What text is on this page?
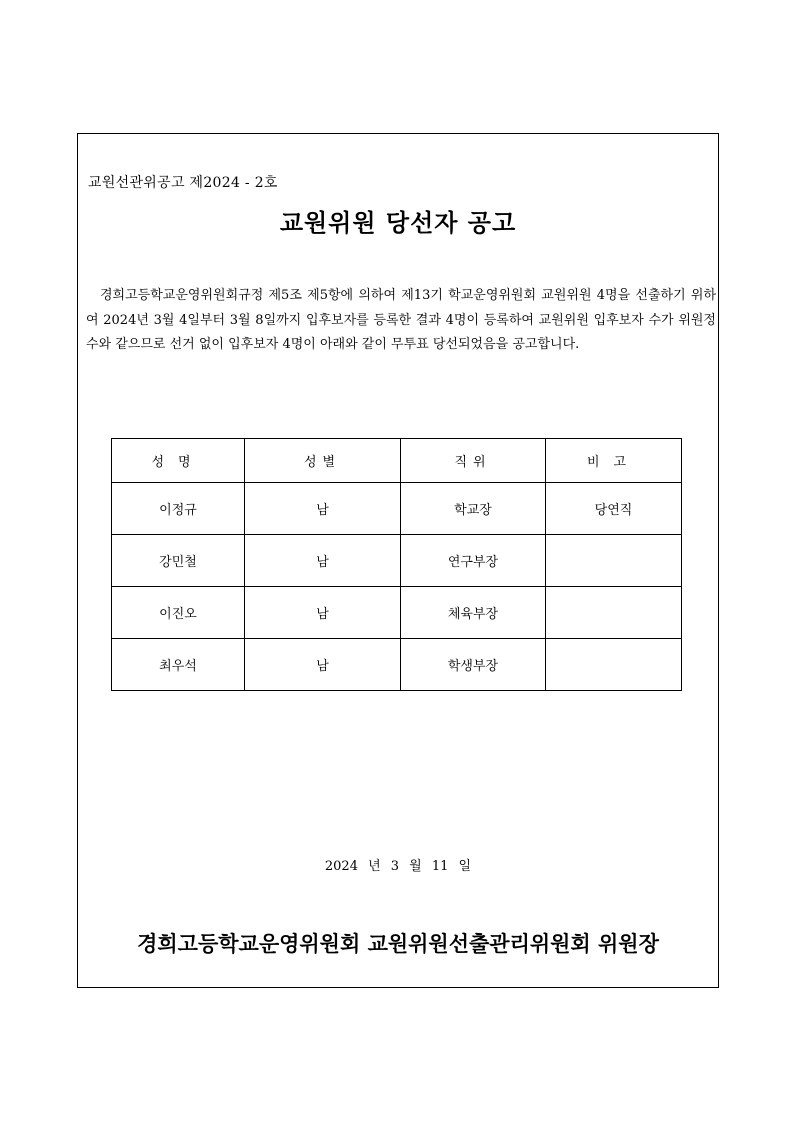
교원선관위공고 제2024 - 2호
교원위원 당선자 공고

경희고등학교운영위원회규정 제5조 제5항에 의하여 제13기 학교운영위원회 교원위원 4명을 선출하기 위하여 2024년 3월 4일부터 3월 8일까지 입후보자를 등록한 결과 4명이 등록하여 교원위원 입후보자 수가 위원정수와 같으므로 선거 없이 입후보자 4명이 아래와 같이 무투표 당선되었음을 공고합니다.

성명	성별	직위	비고
이정규	남	학교장	당연직
강민철	남	연구부장	
이진오	남	체육부장	
최우석	남	학생부장	
2024 년 3 월 11 일
경희고등학교운영위원회 교원위원선출관리위원회 위원장
